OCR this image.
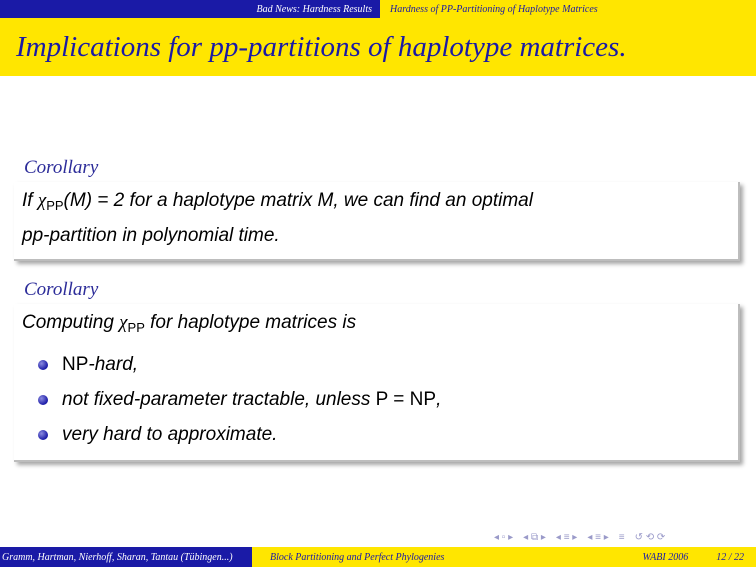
Bad News: Hardness Results Hardness of PP-Partitioning of Haplotype Matrices
Implications for pp-partitions of haplotype matrices.
Corollary
If $\chi_{PP}(M) = 2$ for a haplotype matrix M, we can find an optimal
pp-partition in polynomial time.
Corollary
Computing $\chi_{PP}$ for haplotype matrices is
NP -hard,
not fixed-parameter tractable, unless
P = NP ,
very hard to approximate.
◂ ▫ ▸ ◂ ⧉ ▸ ◂ ≡ ▸ ◂ ≡ ▸ ≡ ↺ ⟲ ⟳
Gramm, Hartman, Nierhoff, Sharan, Tantau (Tübingen...)	Block Partitioning and Perfect Phylogenies	WABI 2006	12 / 22
